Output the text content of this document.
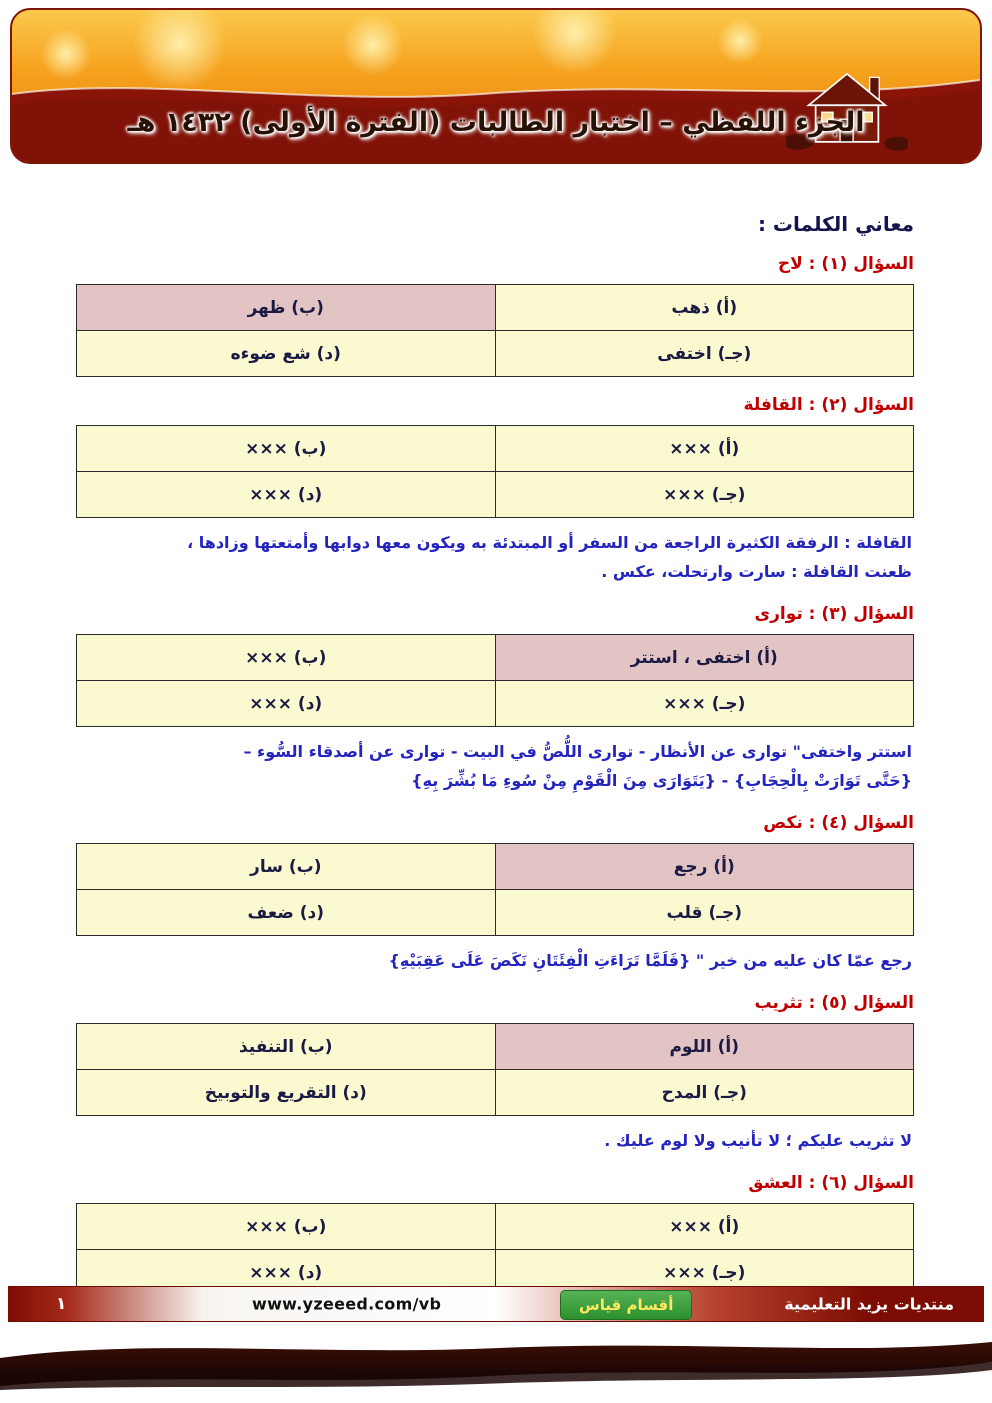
الجزء اللفظي – اختبار الطالبات (الفترة الأولى) ١٤٣٢ هـ
معاني الكلمات :
السؤال (١) : لاح
(أ) ذهب	(ب) ظهر
(جـ) اختفى	(د) شع ضوءه
السؤال (٢) : القافلة
(أ) ×××	(ب) ×××
(جـ) ×××	(د) ×××

القافلة : الرفقة الكثيرة الراجعة من السفر أو المبتدئة به ويكون معها دوابها وأمتعتها وزادها ،

ظعنت القافلة : سارت وارتحلت، عكس .

السؤال (٣) : توارى
(أ) اختفى ، استتر	(ب) ×××
(جـ) ×××	(د) ×××

استتر واختفى" توارى عن الأنظار - توارى اللُّصُّ في البيت - توارى عن أصدقاء السُّوء –

{حَتَّى تَوَارَتْ بِالْحِجَابِ} - {يَتَوَارَى مِنَ الْقَوْمِ مِنْ سُوءِ مَا بُشِّرَ بِهِ}

السؤال (٤) : نكص
(أ) رجع	(ب) سار
(جـ) قلب	(د) ضعف

رجع عمّا كان عليه من خير " {فَلَمَّا تَرَاءَتِ الْفِئَتَانِ نَكَصَ عَلَى عَقِبَيْهِ}

السؤال (٥) : تثريب
(أ) اللوم	(ب) التنفيذ
(جـ) المدح	(د) التقريع والتوبيخ

لا تثريب عليكم ؛ لا تأنيب ولا لوم عليك .

السؤال (٦) : العشق
(أ) ×××	(ب) ×××
(جـ) ×××	(د) ×××
منتديات يزيد التعليمية
أقسام قياس
www.yzeeed.com/vb
١
